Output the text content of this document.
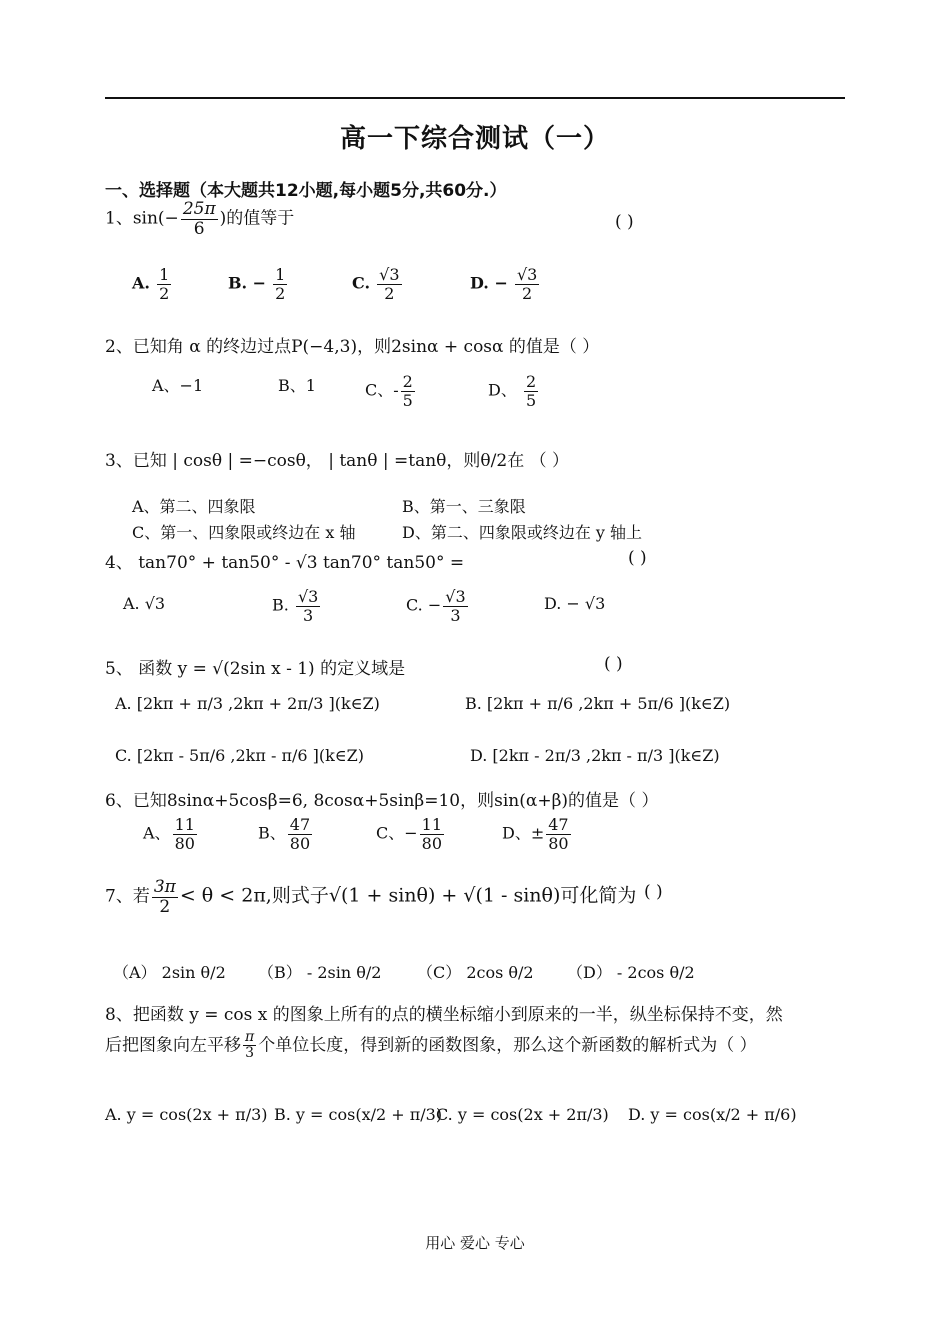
高一下综合测试（一）
一、选择题（本大题共12小题,每小题5分,共60分.）
1、$\sin(- \frac{25\pi}{6}$ )的值等于	( )
A. $\frac{1}{2}$	B. − $\frac{1}{2}$	C. $\frac{√3}{2}$	D. − $\frac{√3}{2}$
2、已知角 α 的终边过点P(−4,3)，则2sinα + cosα 的值是（ ）
A、−1	B、1	C、- $\frac{2}{5}$	D、 $\frac{2}{5}$
3、已知 | cosθ | =−cosθ， | tanθ | =tanθ，则θ/2在 （ ）
A、第二、四象限	B、第一、三象限
C、第一、四象限或终边在 x 轴	D、第二、四象限或终边在 y 轴上
4、 tan70° + tan50° - √3 tan70° tan50° =	( )
A. √3	B. $\frac{√3}{3}$	C. − $\frac{√3}{3}$	D. − √3
5、 函数 y = √(2sin x - 1) 的定义域是	( )
A. [2kπ + π/3 ,2kπ + 2π/3 ](k∈Z)	B. [2kπ + π/6 ,2kπ + 5π/6 ](k∈Z)
C. [2kπ - 5π/6 ,2kπ - π/6 ](k∈Z)	D. [2kπ - 2π/3 ,2kπ - π/3 ](k∈Z)
6、已知8sinα+5cosβ=6, 8cosα+5sinβ=10，则sin(α+β)的值是（ ）
A、 $\frac{11}{80}$	B、 $\frac{47}{80}$	C、− $\frac{11}{80}$	D、± $\frac{47}{80}$
7、若 $\frac{3\pi}{2} < \theta < 2\pi$,则式子√(1 + sinθ) + √(1 - sinθ)可化简为 ( )
（A） 2sin θ/2 （B） - 2sin θ/2 （C） 2cos θ/2 （D） - 2cos θ/2
8、把函数 y = cos x 的图象上所有的点的横坐标缩小到原来的一半，纵坐标保持不变，然
后把图象向左平移 $\frac{\pi}{3}$ 个单位长度，得到新的函数图象，那么这个新函数的解析式为（ ）
A. y = cos(2x + π/3) B. y = cos(x/2 + π/3)
C. y = cos(2x + 2π/3) D. y = cos(x/2 + π/6)
用心 爱心 专心
